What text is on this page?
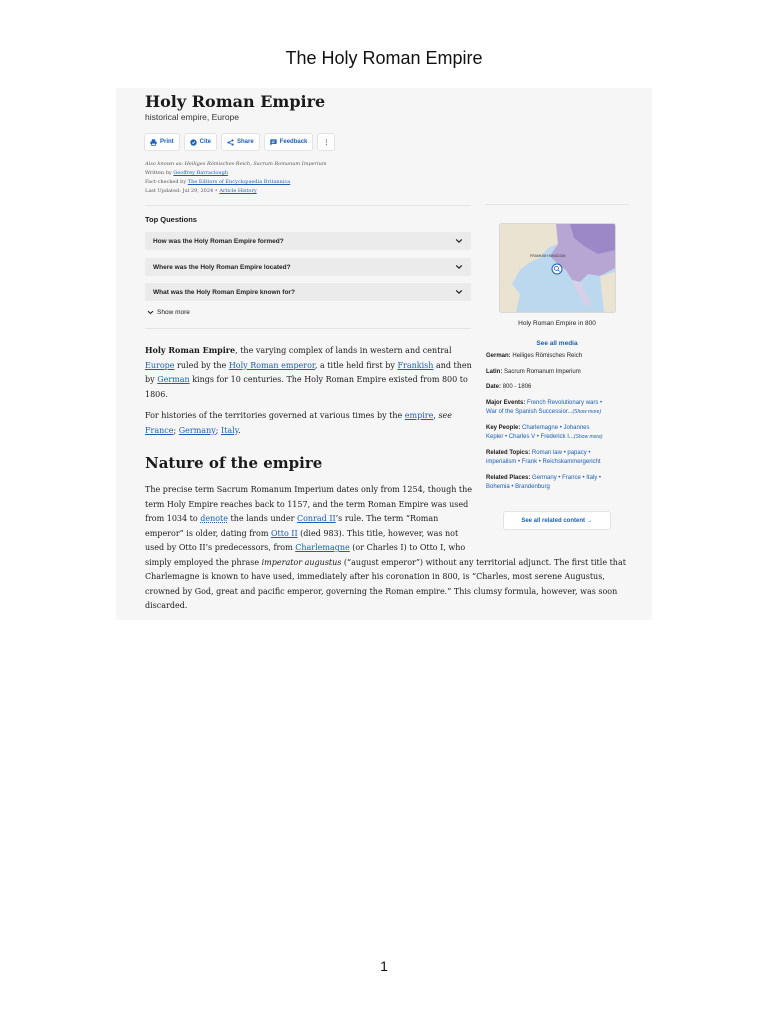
The Holy Roman Empire
Holy Roman Empire
historical empire, Europe
Print	Cite	Share	Feedback	⋮
Also known as: Heiliges Römisches Reich, Sacrum Romanum Imperium
Written by Geoffrey Barraclough
Fact-checked by The Editors of Encyclopaedia Britannica
Last Updated: Jul 29, 2024 • Article History
Top Questions
How was the Holy Roman Empire formed?
Where was the Holy Roman Empire located?
What was the Holy Roman Empire known for?
Show more
Holy Roman Empire, the varying complex of lands in western and central
Europe ruled by the Holy Roman emperor, a title held first by Frankish and then
by German kings for 10 centuries. The Holy Roman Empire existed from 800 to
1806.
For histories of the territories governed at various times by the empire, see
France; Germany; Italy.
Nature of the empire
The precise term Sacrum Romanum Imperium dates only from 1254, though the
term Holy Empire reaches back to 1157, and the term Roman Empire was used
from 1034 to denote the lands under Conrad II’s rule. The term “Roman
emperor” is older, dating from Otto II (died 983). This title, however, was not
used by Otto II’s predecessors, from Charlemagne (or Charles I) to Otto I, who
simply employed the phrase imperator augustus (“august emperor”) without any territorial adjunct. The first title that
Charlemagne is known to have used, immediately after his coronation in 800, is “Charles, most serene Augustus,
crowned by God, great and pacific emperor, governing the Roman empire.” This clumsy formula, however, was soon
discarded.
FRANKISH KINGDOM
Holy Roman Empire in 800
See all media
German: Heiliges Römisches Reich
Latin: Sacrum Romanum Imperium
Date: 800 - 1806
Major Events: French Revolutionary wars •
War of the Spanish Successior...(Show more)
Key People: Charlemagne • Johannes
Kepler • Charles V • Frederick I...(Show more)
Related Topics: Roman law • papacy •
imperialism • Frank • Reichskammergericht
Related Places: Germany • France • Italy •
Bohemia • Brandenburg
See all related content →
1
